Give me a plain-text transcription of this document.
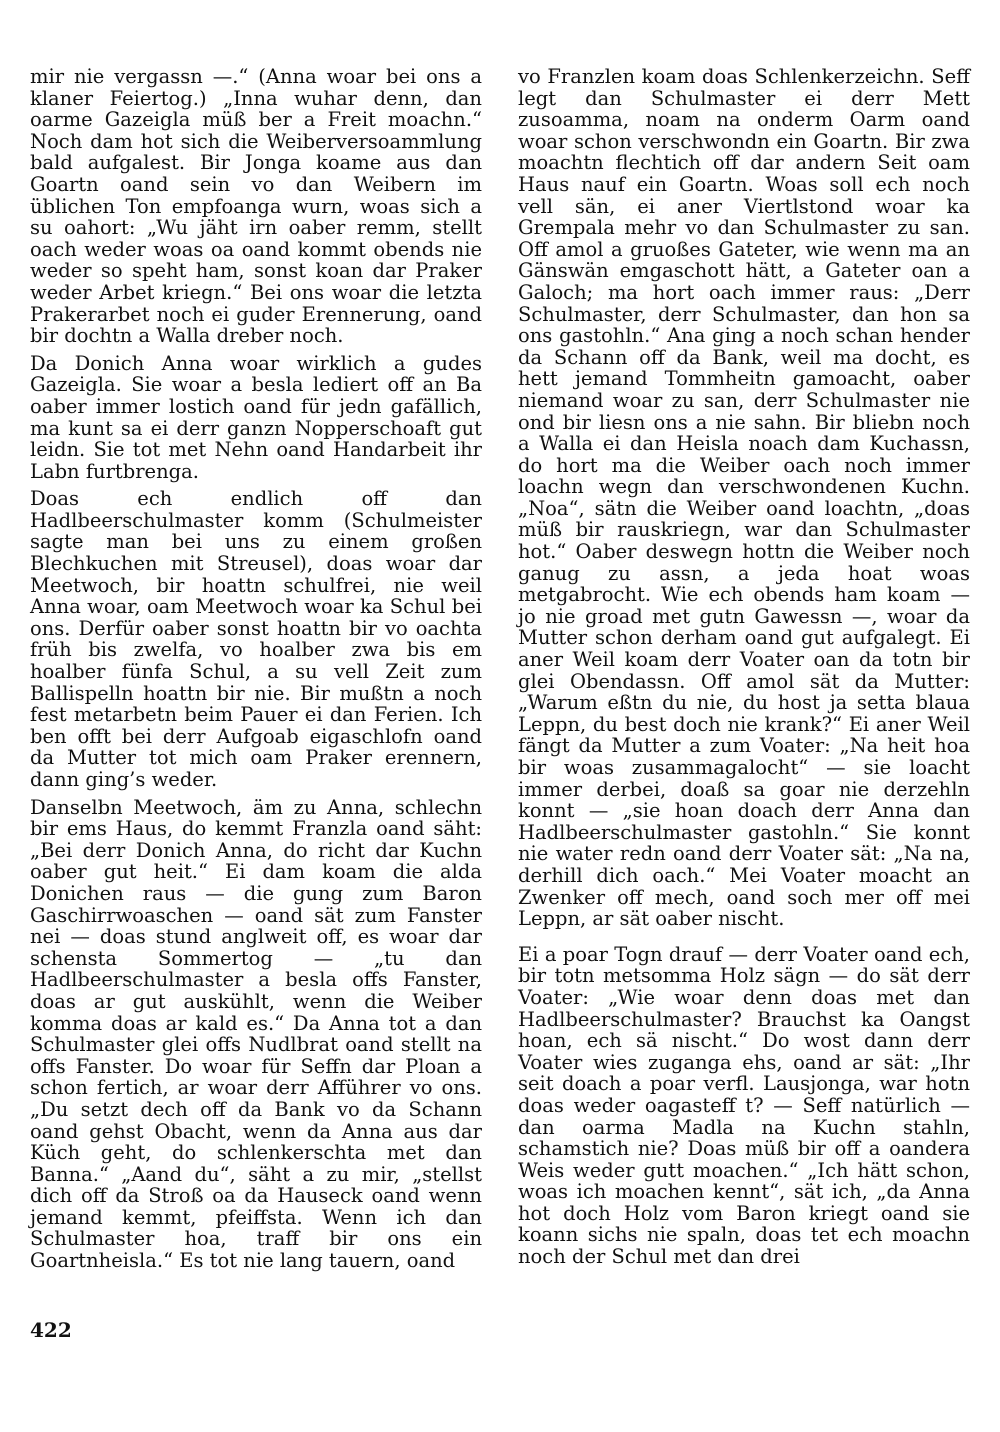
mir nie vergassn —.“ (Anna woar bei ons a klaner Feiertog.) „Inna wuhar denn, dan oarme Gazeigla müß ber a Freit moachn.“ Noch dam hot sich die Weiberversoammlung bald aufgalest. Bir Jonga koame aus dan Goartn oand sein vo dan Weibern im üblichen Ton empfoanga wurn, woas sich a su oahort: „Wu jäht irn oaber remm, stellt oach weder woas oa oand kommt obends nie weder so speht ham, sonst koan dar Praker weder Arbet kriegn.“ Bei ons woar die letzta Prakerarbet noch ei guder Erennerung, oand bir dochtn a Walla dreber noch.

Da Donich Anna woar wirklich a gudes Gazeigla. Sie woar a besla lediert off an Ba oaber immer lostich oand für jedn gafällich, ma kunt sa ei derr ganzn Nopperschoaft gut leidn. Sie tot met Nehn oand Handarbeit ihr Labn furtbrenga.

Doas ech endlich off dan Hadlbeerschulmaster komm (Schulmeister sagte man bei uns zu einem großen Blechkuchen mit Streusel), doas woar dar Meetwoch, bir hoattn schulfrei, nie weil Anna woar, oam Meetwoch woar ka Schul bei ons. Derfür oaber sonst hoattn bir vo oachta früh bis zwelfa, vo hoalber zwa bis em hoalber fünfa Schul, a su vell Zeit zum Ballispelln hoattn bir nie. Bir mußtn a noch fest metarbetn beim Pauer ei dan Ferien. Ich ben offt bei derr Aufgoab eigaschlofn oand da Mutter tot mich oam Praker erennern, dann ging’s weder.

Danselbn Meetwoch, äm zu Anna, schlechn bir ems Haus, do kemmt Franzla oand säht: „Bei derr Donich Anna, do richt dar Kuchn oaber gut heit.“ Ei dam koam die alda Donichen raus — die gung zum Baron Gaschirrwoaschen — oand sät zum Fanster nei — doas stund anglweit off, es woar dar schensta Sommertog — „tu dan Hadlbeerschulmaster a besla offs Fanster, doas ar gut auskühlt, wenn die Weiber komma doas ar kald es.“ Da Anna tot a dan Schulmaster glei offs Nudlbrat oand stellt na offs Fanster. Do woar für Seffn dar Ploan a schon fertich, ar woar derr Afführer vo ons. „Du setzt dech off da Bank vo da Schann oand gehst Obacht, wenn da Anna aus dar Küch geht, do schlenkerschta met dan Banna.“ „Aand du“, säht a zu mir, „stellst dich off da Stroß oa da Hauseck oand wenn jemand kemmt, pfeiffsta. Wenn ich dan Schulmaster hoa, traff bir ons ein Goartnheisla.“ Es tot nie lang tauern, oand

vo Franzlen koam doas Schlenkerzeichn. Seff legt dan Schulmaster ei derr Mett zusoamma, noam na onderm Oarm oand woar schon verschwondn ein Goartn. Bir zwa moachtn flechtich off dar andern Seit oam Haus nauf ein Goartn. Woas soll ech noch vell sän, ei aner Viertlstond woar ka Grempala mehr vo dan Schulmaster zu san. Off amol a gruoßes Gateter, wie wenn ma an Gänswän emgaschott hätt, a Gateter oan a Galoch; ma hort oach immer raus: „Derr Schulmaster, derr Schulmaster, dan hon sa ons gastohln.“ Ana ging a noch schan hender da Schann off da Bank, weil ma docht, es hett jemand Tommheitn gamoacht, oaber niemand woar zu san, derr Schulmaster nie ond bir liesn ons a nie sahn. Bir bliebn noch a Walla ei dan Heisla noach dam Kuchassn, do hort ma die Weiber oach noch immer loachn wegn dan verschwondenen Kuchn. „Noa“, sätn die Weiber oand loachtn, „doas müß bir rauskriegn, war dan Schulmaster hot.“ Oaber deswegn hottn die Weiber noch ganug zu assn, a jeda hoat woas metgabrocht. Wie ech obends ham koam — jo nie groad met gutn Gawessn —, woar da Mutter schon derham oand gut aufgalegt. Ei aner Weil koam derr Voater oan da totn bir glei Obendassn. Off amol sät da Mutter: „Warum eßtn du nie, du host ja setta blaua Leppn, du best doch nie krank?“ Ei aner Weil fängt da Mutter a zum Voater: „Na heit hoa bir woas zusammagalocht“ — sie loacht immer derbei, doaß sa goar nie derzehln konnt — „sie hoan doach derr Anna dan Hadlbeerschulmaster gastohln.“ Sie konnt nie water redn oand derr Voater sät: „Na na, derhill dich oach.“ Mei Voater moacht an Zwenker off mech, oand soch mer off mei Leppn, ar sät oaber nischt.

Ei a poar Togn drauf — derr Voater oand ech, bir totn metsomma Holz sägn — do sät derr Voater: „Wie woar denn doas met dan Hadlbeerschulmaster? Brauchst ka Oangst hoan, ech sä nischt.“ Do wost dann derr Voater wies zuganga ehs, oand ar sät: „Ihr seit doach a poar verfl. Lausjonga, war hotn doas weder oagasteff t? — Seff natürlich — dan oarma Madla na Kuchn stahln, schamstich nie? Doas müß bir off a oandera Weis weder gutt moachen.“ „Ich hätt schon, woas ich moachen kennt“, sät ich, „da Anna hot doch Holz vom Baron kriegt oand sie koann sichs nie spaln, doas tet ech moachn noch der Schul met dan drei

422
